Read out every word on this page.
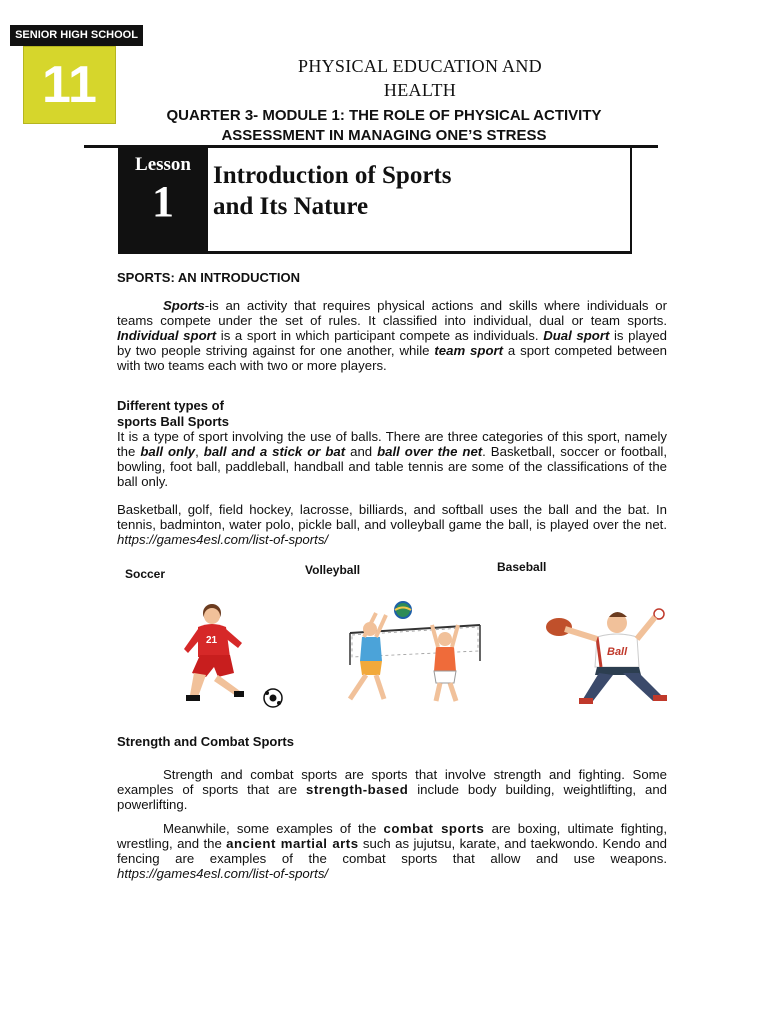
SENIOR HIGH SCHOOL
11	PHYSICAL EDUCATION AND
HEALTH
QUARTER 3- MODULE 1: THE ROLE OF PHYSICAL ACTIVITY
ASSESSMENT IN MANAGING ONE’S STRESS
Lesson
1
Introduction of Sports
and Its Nature
SPORTS: AN INTRODUCTION
Sports-is an activity that requires physical actions and skills where individuals or teams compete under the set of rules. It classified into individual, dual or team sports. Individual sport is a sport in which participant compete as individuals. Dual sport is played by two people striving against for one another, while team sport a sport competed between with two teams each with two or more players.
Different types of
sports Ball Sports
It is a type of sport involving the use of balls. There are three categories of this sport, namely the ball only, ball and a stick or bat and ball over the net. Basketball, soccer or football, bowling, foot ball, paddleball, handball and table tennis are some of the classifications of the ball only.
Basketball, golf, field hockey, lacrosse, billiards, and softball uses the ball and the bat. In tennis, badminton, water polo, pickle ball, and volleyball game the ball, is played over the net. https://games4esl.com/list-of-sports/
Soccer	Volleyball	Baseball
21
Ball
Strength and Combat Sports
Strength and combat sports are sports that involve strength and fighting. Some examples of sports that are strength-based include body building, weightlifting, and powerlifting.
Meanwhile, some examples of the combat sports are boxing, ultimate fighting, wrestling, and the ancient martial arts such as jujutsu, karate, and taekwondo. Kendo and fencing are examples of the combat sports that allow and use weapons. https://games4esl.com/list-of-sports/
